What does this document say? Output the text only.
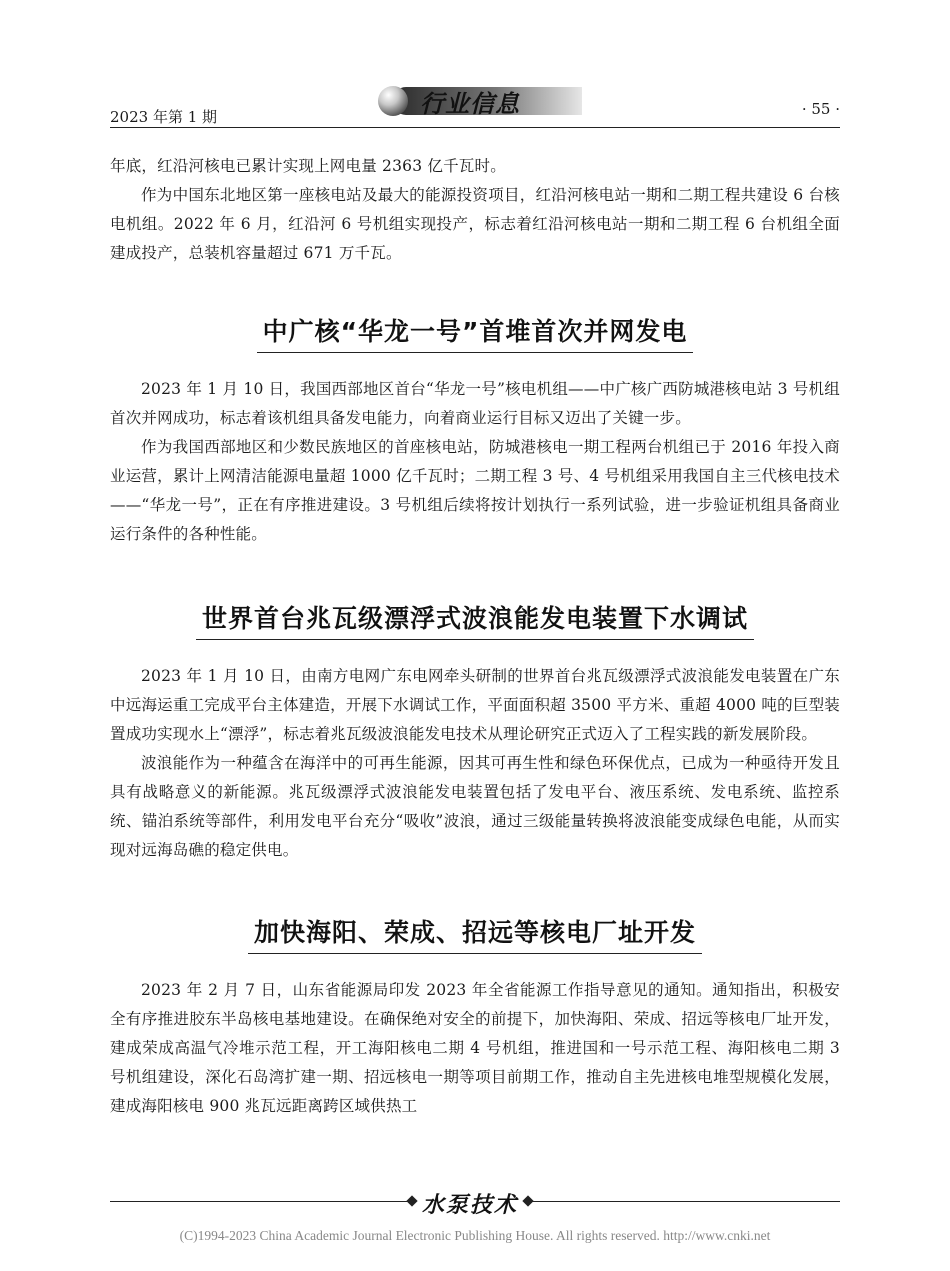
2023 年第 1 期	行业信息	· 55 ·

年底，红沿河核电已累计实现上网电量 2363 亿千瓦时。

作为中国东北地区第一座核电站及最大的能源投资项目，红沿河核电站一期和二期工程共建设 6 台核电机组。2022 年 6 月，红沿河 6 号机组实现投产，标志着红沿河核电站一期和二期工程 6 台机组全面建成投产，总装机容量超过 671 万千瓦。

中广核“华龙一号”首堆首次并网发电

2023 年 1 月 10 日，我国西部地区首台“华龙一号”核电机组——中广核广西防城港核电站 3 号机组首次并网成功，标志着该机组具备发电能力，向着商业运行目标又迈出了关键一步。

作为我国西部地区和少数民族地区的首座核电站，防城港核电一期工程两台机组已于 2016 年投入商业运营，累计上网清洁能源电量超 1000 亿千瓦时；二期工程 3 号、4 号机组采用我国自主三代核电技术——“华龙一号”，正在有序推进建设。3 号机组后续将按计划执行一系列试验，进一步验证机组具备商业运行条件的各种性能。

世界首台兆瓦级漂浮式波浪能发电装置下水调试

2023 年 1 月 10 日，由南方电网广东电网牵头研制的世界首台兆瓦级漂浮式波浪能发电装置在广东中远海运重工完成平台主体建造，开展下水调试工作，平面面积超 3500 平方米、重超 4000 吨的巨型装置成功实现水上“漂浮”，标志着兆瓦级波浪能发电技术从理论研究正式迈入了工程实践的新发展阶段。

波浪能作为一种蕴含在海洋中的可再生能源，因其可再生性和绿色环保优点，已成为一种亟待开发且具有战略意义的新能源。兆瓦级漂浮式波浪能发电装置包括了发电平台、液压系统、发电系统、监控系统、锚泊系统等部件，利用发电平台充分“吸收”波浪，通过三级能量转换将波浪能变成绿色电能，从而实现对远海岛礁的稳定供电。

加快海阳、荣成、招远等核电厂址开发

2023 年 2 月 7 日，山东省能源局印发 2023 年全省能源工作指导意见的通知。通知指出，积极安全有序推进胶东半岛核电基地建设。在确保绝对安全的前提下，加快海阳、荣成、招远等核电厂址开发，建成荣成高温气冷堆示范工程，开工海阳核电二期 4 号机组，推进国和一号示范工程、海阳核电二期 3 号机组建设，深化石岛湾扩建一期、招远核电一期等项目前期工作，推动自主先进核电堆型规模化发展，建成海阳核电 900 兆瓦远距离跨区域供热工

水泵技术
(C)1994-2023 China Academic Journal Electronic Publishing House. All rights reserved. http://www.cnki.net
